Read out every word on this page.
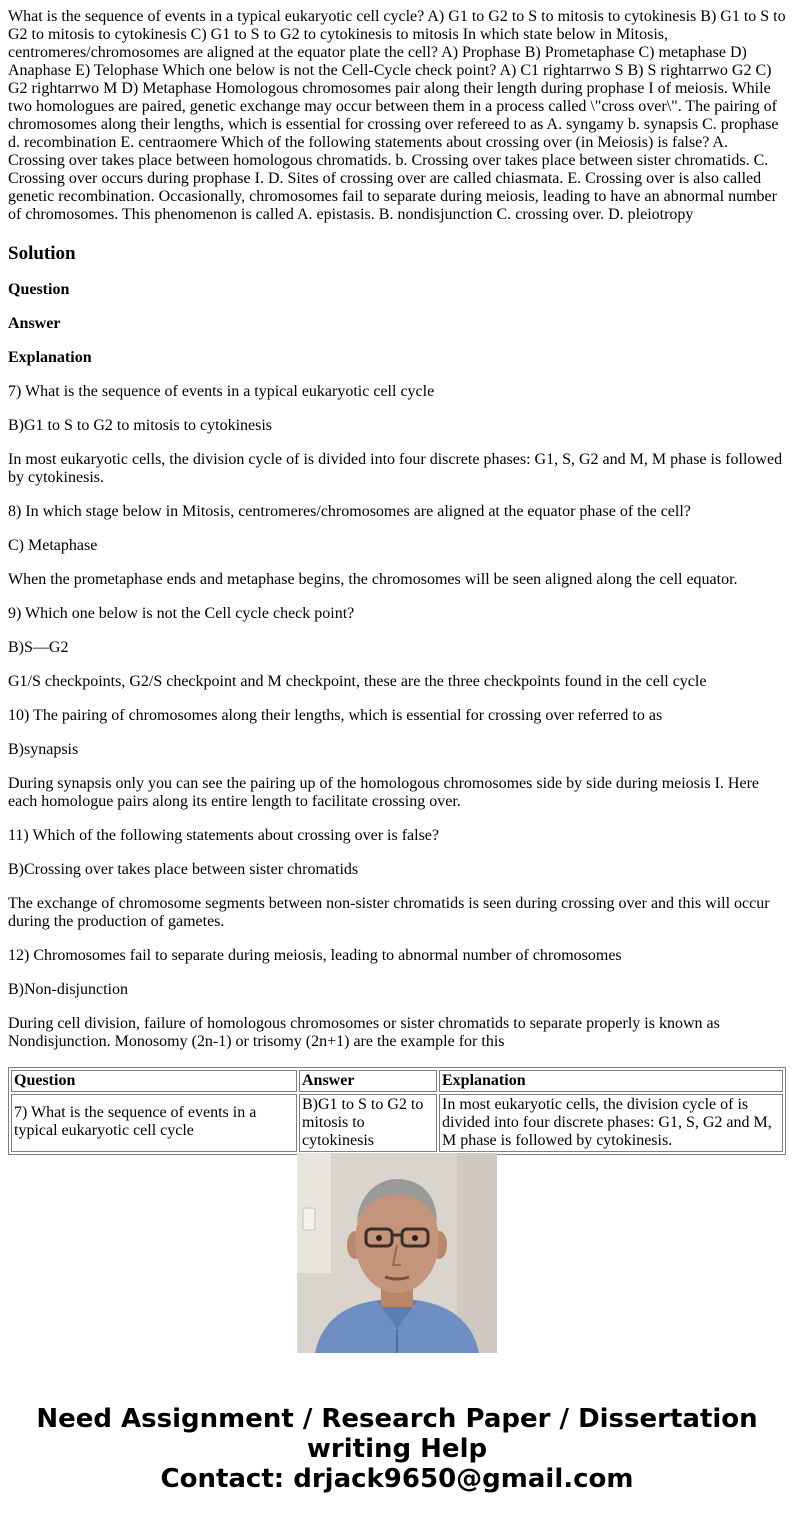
What is the sequence of events in a typical eukaryotic cell cycle? A) G1 to G2 to S to mitosis to cytokinesis B) G1 to S to G2 to mitosis to cytokinesis C) G1 to S to G2 to cytokinesis to mitosis In which state below in Mitosis, centromeres/chromosomes are aligned at the equator plate the cell? A) Prophase B) Prometaphase C) metaphase D) Anaphase E) Telophase Which one below is not the Cell-Cycle check point? A) C1 rightarrwo S B) S rightarrwo G2 C) G2 rightarrwo M D) Metaphase Homologous chromosomes pair along their length during prophase I of meiosis. While two homologues are paired, genetic exchange may occur between them in a process called \"cross over\". The pairing of chromosomes along their lengths, which is essential for crossing over refereed to as A. syngamy b. synapsis C. prophase d. recombination E. centraomere Which of the following statements about crossing over (in Meiosis) is false? A. Crossing over takes place between homologous chromatids. b. Crossing over takes place between sister chromatids. C. Crossing over occurs during prophase I. D. Sites of crossing over are called chiasmata. E. Crossing over is also called genetic recombination. Occasionally, chromosomes fail to separate during meiosis, leading to have an abnormal number of chromosomes. This phenomenon is called A. epistasis. B. nondisjunction C. crossing over. D. pleiotropy
Solution
Question
Answer
Explanation
7) What is the sequence of events in a typical eukaryotic cell cycle
B)G1 to S to G2 to mitosis to cytokinesis
In most eukaryotic cells, the division cycle of is divided into four discrete phases: G1, S, G2 and M, M phase is followed by cytokinesis.
8) In which stage below in Mitosis, centromeres/chromosomes are aligned at the equator phase of the cell?
C) Metaphase
When the prometaphase ends and metaphase begins, the chromosomes will be seen aligned along the cell equator.
9) Which one below is not the Cell cycle check point?
B)S—G2
G1/S checkpoints, G2/S checkpoint and M checkpoint, these are the three checkpoints found in the cell cycle
10) The pairing of chromosomes along their lengths, which is essential for crossing over referred to as
B)synapsis
During synapsis only you can see the pairing up of the homologous chromosomes side by side during meiosis I. Here each homologue pairs along its entire length to facilitate crossing over.
11) Which of the following statements about crossing over is false?
B)Crossing over takes place between sister chromatids
The exchange of chromosome segments between non-sister chromatids is seen during crossing over and this will occur during the production of gametes.
12) Chromosomes fail to separate during meiosis, leading to abnormal number of chromosomes
B)Non-disjunction
During cell division, failure of homologous chromosomes or sister chromatids to separate properly is known as Nondisjunction. Monosomy (2n-1) or trisomy (2n+1) are the example for this
Question	Answer	Explanation
7) What is the sequence of events in a typical eukaryotic cell cycle	B)G1 to S to G2 to mitosis to cytokinesis	In most eukaryotic cells, the division cycle of is divided into four discrete phases: G1, S, G2 and M, M phase is followed by cytokinesis.
Need Assignment / Research Paper / Dissertation
writing Help
Contact: drjack9650@gmail.com
